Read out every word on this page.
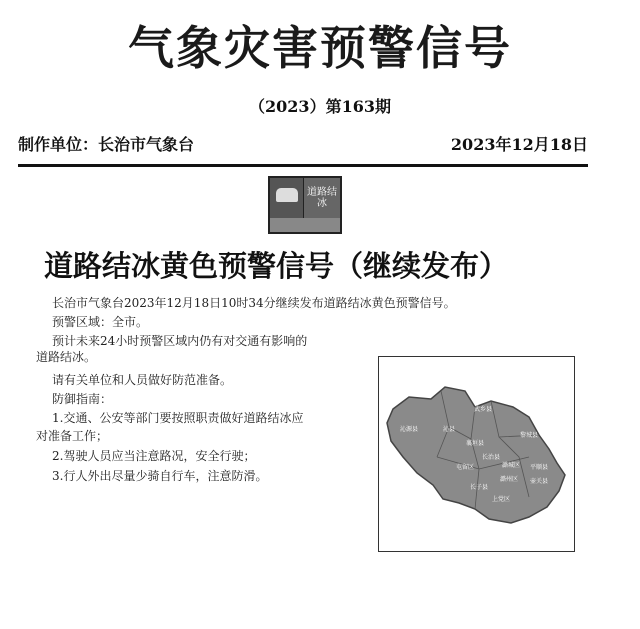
气象灾害预警信号
（2023）第163期
制作单位：长治市气象台	2023年12月18日
道路结冰
道路结冰黄色预警信号（继续发布）
长治市气象台2023年12月18日10时34分继续发布道路结冰黄色预警信号。
预警区域：全市。
预计未来24小时预警区域内仍有对交通有影响的
道路结冰。
请有关单位和人员做好防范准备。
防御指南：
1.交通、公安等部门要按照职责做好道路结冰应
对准备工作；
2.驾驶人员应当注意路况，安全行驶；
3.行人外出尽量少骑自行车，注意防滑。
沁源县	沁县
武乡县
襄垣县
黎城县
屯留区	潞城区
长治县
壶关县
上党区
长子县
平顺县
潞州区
